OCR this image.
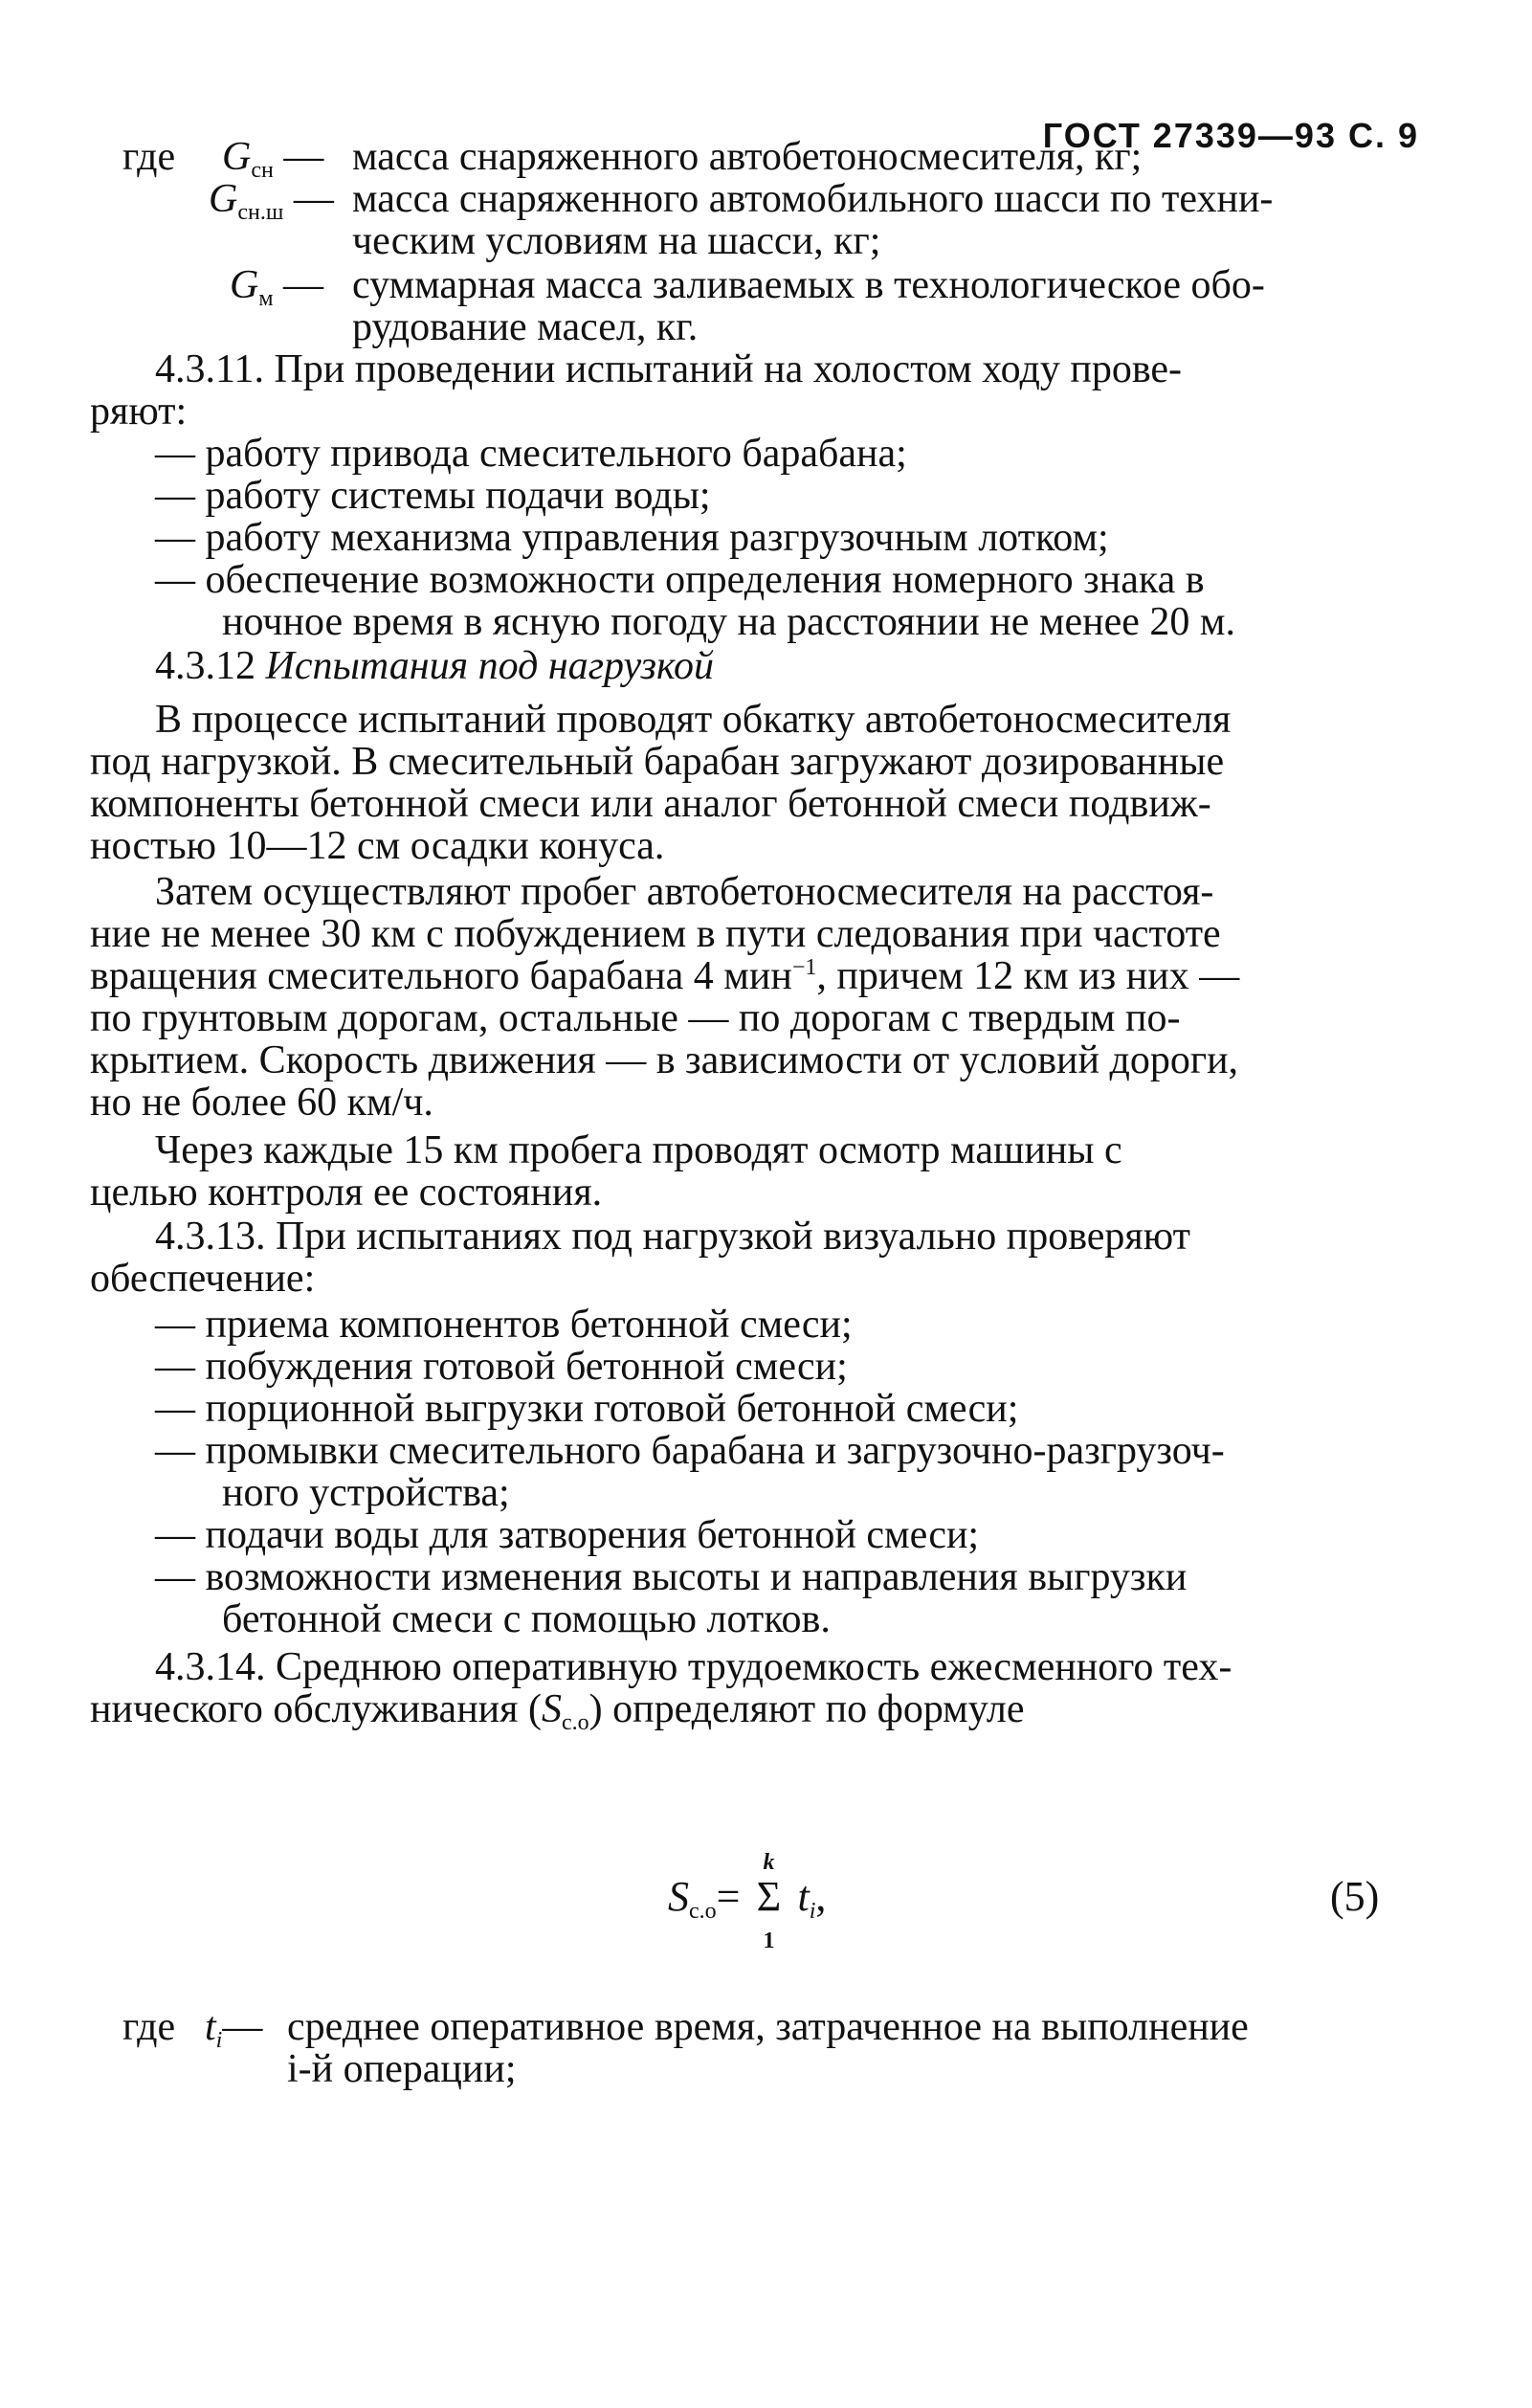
ГОСТ 27339—93 С. 9
где $G_{сн}$ — масса снаряженного автобетоносмесителя, кг;
$G_{сн.ш}$ — масса снаряженного автомобильного шасси по техни-
ческим условиям на шасси, кг;
$G_м$ — суммарная масса заливаемых в технологическое обо-
рудование масел, кг.
4.3.11. При проведении испытаний на холостом ходу прове-
ряют:
— работу привода смесительного барабана;
— работу системы подачи воды;
— работу механизма управления разгрузочным лотком;
— обеспечение возможности определения номерного знака в
ночное время в ясную погоду на расстоянии не менее 20 м.
4.3.12 Испытания под нагрузкой
В процессе испытаний проводят обкатку автобетоносмесителя
под нагрузкой. В смесительный барабан загружают дозированные
компоненты бетонной смеси или аналог бетонной смеси подвиж-
ностью 10—12 см осадки конуса.
Затем осуществляют пробег автобетоносмесителя на расстоя-
ние не менее 30 км с побуждением в пути следования при частоте
вращения смесительного барабана 4 мин$^{-1}$, причем 12 км из них —
по грунтовым дорогам, остальные — по дорогам с твердым по-
крытием. Скорость движения — в зависимости от условий дороги,
но не более 60 км/ч.
Через каждые 15 км пробега проводят осмотр машины с
целью контроля ее состояния.
4.3.13. При испытаниях под нагрузкой визуально проверяют
обеспечение:
— приема компонентов бетонной смеси;
— побуждения готовой бетонной смеси;
— порционной выгрузки готовой бетонной смеси;
— промывки смесительного барабана и загрузочно-разгрузоч-
ного устройства;
— подачи воды для затворения бетонной смеси;
— возможности изменения высоты и направления выгрузки
бетонной смеси с помощью лотков.
4.3.14. Среднюю оперативную трудоемкость ежесменного тех-
нического обслуживания $(S_{с.о})$ определяют по формуле
$S_{с.о}=$
k
Σ
1
$t_i$,	(5)
где $t_i—$ среднее оперативное время, затраченное на выполнение
i-й операции;
